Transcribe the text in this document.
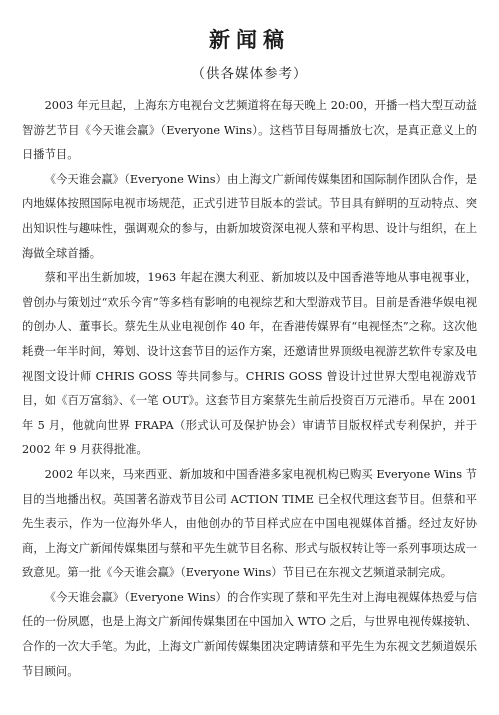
新闻稿
（供各媒体参考）

2003 年元旦起，上海东方电视台文艺频道将在每天晚上 20:00，开播一档大型互动益智游艺节目《今天谁会赢》（Everyone Wins）。这档节目每周播放七次，是真正意义上的日播节目。

《今天谁会赢》（Everyone Wins）由上海文广新闻传媒集团和国际制作团队合作，是内地媒体按照国际电视市场规范，正式引进节目版本的尝试。节目具有鲜明的互动特点、突出知识性与趣味性，强调观众的参与，由新加坡资深电视人蔡和平构思、设计与组织，在上海做全球首播。

蔡和平出生新加坡，1963 年起在澳大利亚、新加坡以及中国香港等地从事电视事业，曾创办与策划过“欢乐今宵”等多档有影响的电视综艺和大型游戏节目。目前是香港华娱电视的创办人、董事长。蔡先生从业电视创作 40 年，在香港传媒界有“电视怪杰”之称。这次他耗费一年半时间，筹划、设计这套节目的运作方案，还邀请世界顶级电视游艺软件专家及电视图文设计师 CHRIS GOSS 等共同参与。CHRIS GOSS 曾设计过世界大型电视游戏节目，如《百万富翁》、《一笔 OUT》。这套节目方案蔡先生前后投资百万元港币。早在 2001 年 5 月，他就向世界 FRAPA（形式认可及保护协会）审请节目版权样式专利保护，并于 2002 年 9 月获得批准。

2002 年以来，马来西亚、新加坡和中国香港多家电视机构已购买 Everyone Wins 节目的当地播出权。英国著名游戏节目公司 ACTION TIME 已全权代理这套节目。但蔡和平先生表示，作为一位海外华人，由他创办的节目样式应在中国电视媒体首播。经过友好协商，上海文广新闻传媒集团与蔡和平先生就节目名称、形式与版权转让等一系列事项达成一致意见。第一批《今天谁会赢》（Everyone Wins）节目已在东视文艺频道录制完成。

《今天谁会赢》（Everyone Wins）的合作实现了蔡和平先生对上海电视媒体热爱与信任的一份夙愿，也是上海文广新闻传媒集团在中国加入 WTO 之后，与世界电视传媒接轨、合作的一次大手笔。为此，上海文广新闻传媒集团决定聘请蔡和平先生为东视文艺频道娱乐节目顾问。
